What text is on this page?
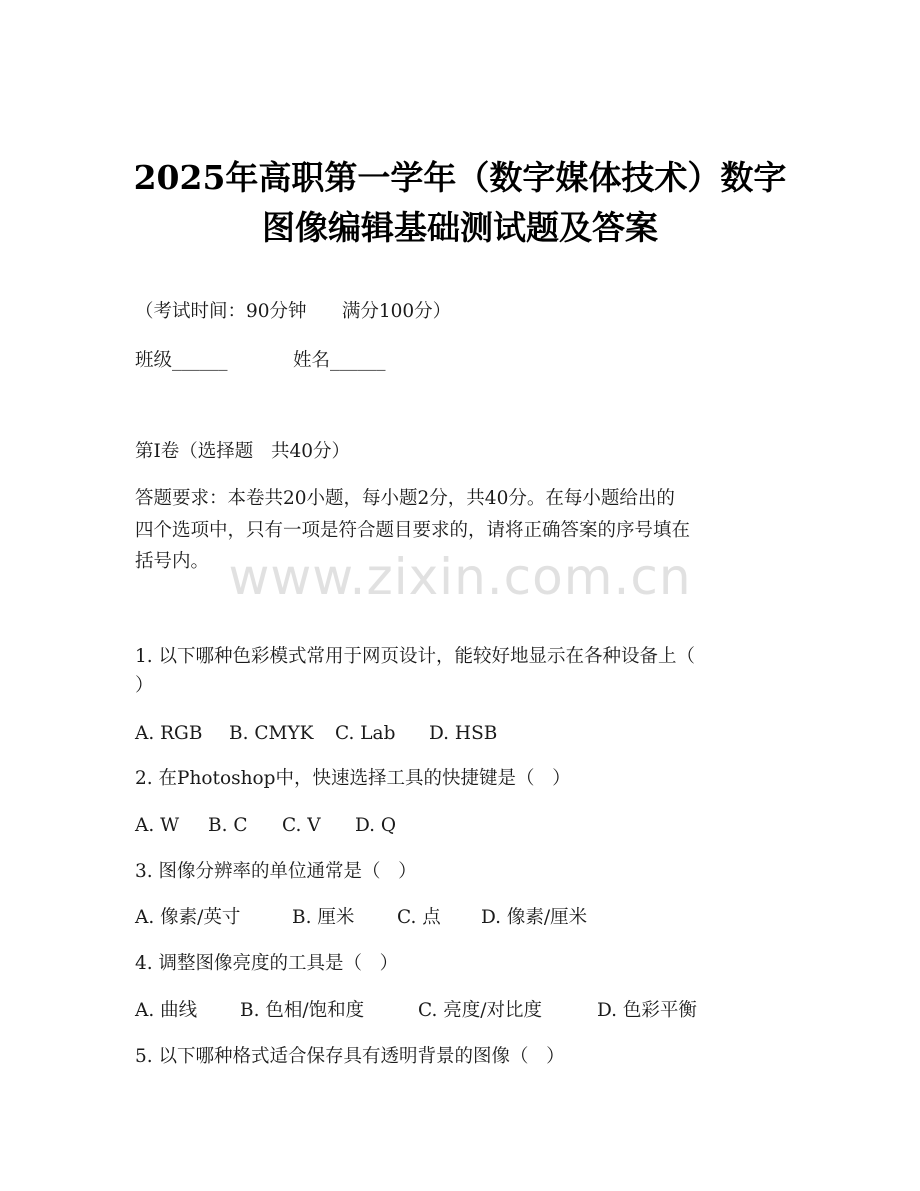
2025年高职第一学年（数字媒体技术）数字
图像编辑基础测试题及答案
（考试时间：90分钟      满分100分）
班级______	姓名______
第I卷（选择题   共40分）
答题要求：本卷共20小题，每小题2分，共40分。在每小题给出的
四个选项中，只有一项是符合题目要求的，请将正确答案的序号填在
括号内。 www.zixin.com.cn
1. 以下哪种色彩模式常用于网页设计，能较好地显示在各种设备上（
）
A. RGB B. CMYK C. Lab D. HSB
2. 在Photoshop中，快速选择工具的快捷键是（   ）
A. W B. C C. V D. Q
3. 图像分辨率的单位通常是（   ）
A. 像素/英寸	B. 厘米 C. 点 D. 像素/厘米
4. 调整图像亮度的工具是（   ）
A. 曲线 B. 色相/饱和度	C. 亮度/对比度	D. 色彩平衡
5. 以下哪种格式适合保存具有透明背景的图像（   ）
